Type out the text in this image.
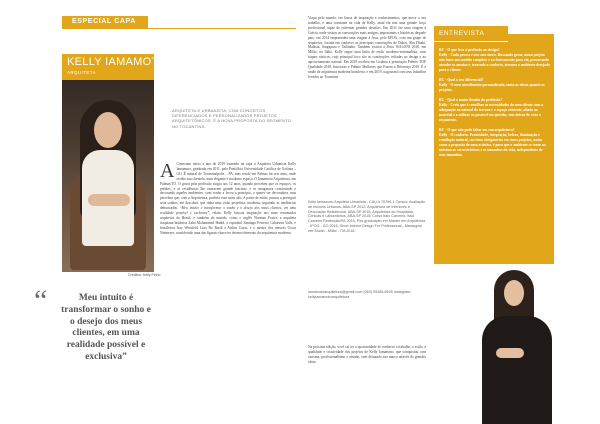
ESPECIAL CAPA
KELLY IAMAMOTO
ARQUITETA
Créditos: Kelly Pinho
ARQUITETA E URBANISTA, COM CONCEITOS DIFERENCIADOS E PERSONALIZADOS PROJETOS ARQUITETÔNICOS, É A NOVA PROPOSTA DO SEGMENTO NO TOCANTINS.
A Conectam início a ano de 2019 trazendo na capa a Arquiteta Urbanista Kelly Iamamoto, graduada em 2011, pela Pontifícia Universidade Católica de Goiânia – GO. É natural de Tocantinópolis – PA, mas reside em Palmas há seis anos, onde recebe sua clientela, num elegante e moderno espaço. O Iamamoto Arquitetura, em Palmas/TO. O gosto pela profissão surgiu aos 12 anos, quando percebeu que os espaços, os prédios, e as residências lhe causavam grande fascínio, e se imaginava construindo e decorando aqueles ambientes, com sonho a levou a princípio, a querer ser decoradora, mas percebeu que, com a Arquitetura, poderia voar mais alto. A partir de então, passou a perseguir seus sonhos, até descobrir que tinha uma visão projetista, moderna, seguindo as tendências demarcadas. “Meu intuito é transformar o sonho e o desejo dos meus clientes, em uma realidade possível e exclusiva”, relata. Kelly buscou inspiração nos mais renomados arquitetos do Brasil, e também do mundo, como o inglês Norman Foster, a arquiteta iraquiana-britânica Zaha Mohammed Hadid, o espanhol Santiago Ferreiro Calatrava Valls, e brasileiros Isay Weinfeld, Lina Bo Bardi e Arthur Casas, e o mestre dos mestres Oscar Niemeyer, considerado uma das figuras-chave no desenvolvimento da arquitetura moderna.
“	Meu intuito é transformar o sonho e o desejo dos meus clientes, em uma realidade possível e exclusiva”

Viajar pelo mundo, em busca de inspiração e conhecimentos, que move o seu trabalho, é uma constante na vida de Kelly, atual ela tem uma grande força profissional capaz de enfrentar grandes desafios. Em 2011 fez uma viagem à Grécia, onde visitou as construções mais antigas, importantes e históricas daquele país; em 2014 empreendeu uma viagem à Ásia, pelo EPOG, com um grupo de arquitetos, focada em conhecer as principais construções de Dubai, Abu Dhabi, Malásia, Singapura e Tailândia. Também visitou a Feira ISALONI 2018, em Milão, na Itália. Kelly segue uma linha de estilo moderno-minimalista, com toques rústicos, cujo principal foco são as construções voltadas ao design e ao aproveitamento natural. Em 2018 recebeu em Goiânia a premiação Prêmio TOP Qualidade 2018, Interiores e Prêmio Mulheres que Fazem a Diferença 2018. É a união de arquitetura moderna brasileira, e em 2019, tiagousmi com seus trabalhos levados ao Tocantins.

Kelly Iamamoto Arquiteta Urbanista - CAU A 70794-1 Cursos: Avaliação de Imóveis Urbanos, ABA-SP 2012; Arquitetura de Interiores e Decoração Residencial, ABA-SP 2015; Arquitetura do Hospitalar, Clínicas e Laboratórios, ABA-SP 2015; Curso Italo Carneiro, Italo Carneiro Redenção/PA 2015; Pós-graduação em Master em Arquitetura - IPOG - GO 2016; Short Interior Design For Professional - Marangoni em Studio - Milão - ITA 2018.
iamamotoarquitetura@gmail.com (063) 99285-6525 Instagram: kellyiamamotoarquitetura

Na próxima edição, você vai ter a oportunidade de conhecer o trabalho, o estilo, a qualidade e criatividade dos projetos de Kelly Iamamoto, que conquistou com carisma, profissionalismo e atitude, vem deixando sua marca através de grandes obras.

ENTREVISTA
RC - O que leva à profissão ao design?
Kelly - Cada pessoa é um caso único. Buscando gerar, nosso projeto não fazer um modelo completo e exclusivamente para ela, procurando atender os anseios e, trazendo o conforto, teremos o ambiente desejado para o cliente.
RC - Qual o seu diferencial?
Kelly - O meu atendimento personalizado, tanto as obras quanto os projetos.
RC - Qual o maior desafio da profissão?
Kelly - Creio que é concilhar as necessidades do meu cliente com a adequação ao natural do terreno e o espaço existente, aliado ao material e a utilizar ao possível em questão, sem deixar de vista o orçamento.
RC - O que não pode faltar em sua arquitetura?
Kelly - O conforto: Praticidade, integração, beleza, iluminação e ventilação natural, são itens obrigatórios em meus projetos, assim como a proposta de uma acústica, é para que o ambiente se torne ao máximo as características e os tamanhos da vida, independente de seus tamanhos.
